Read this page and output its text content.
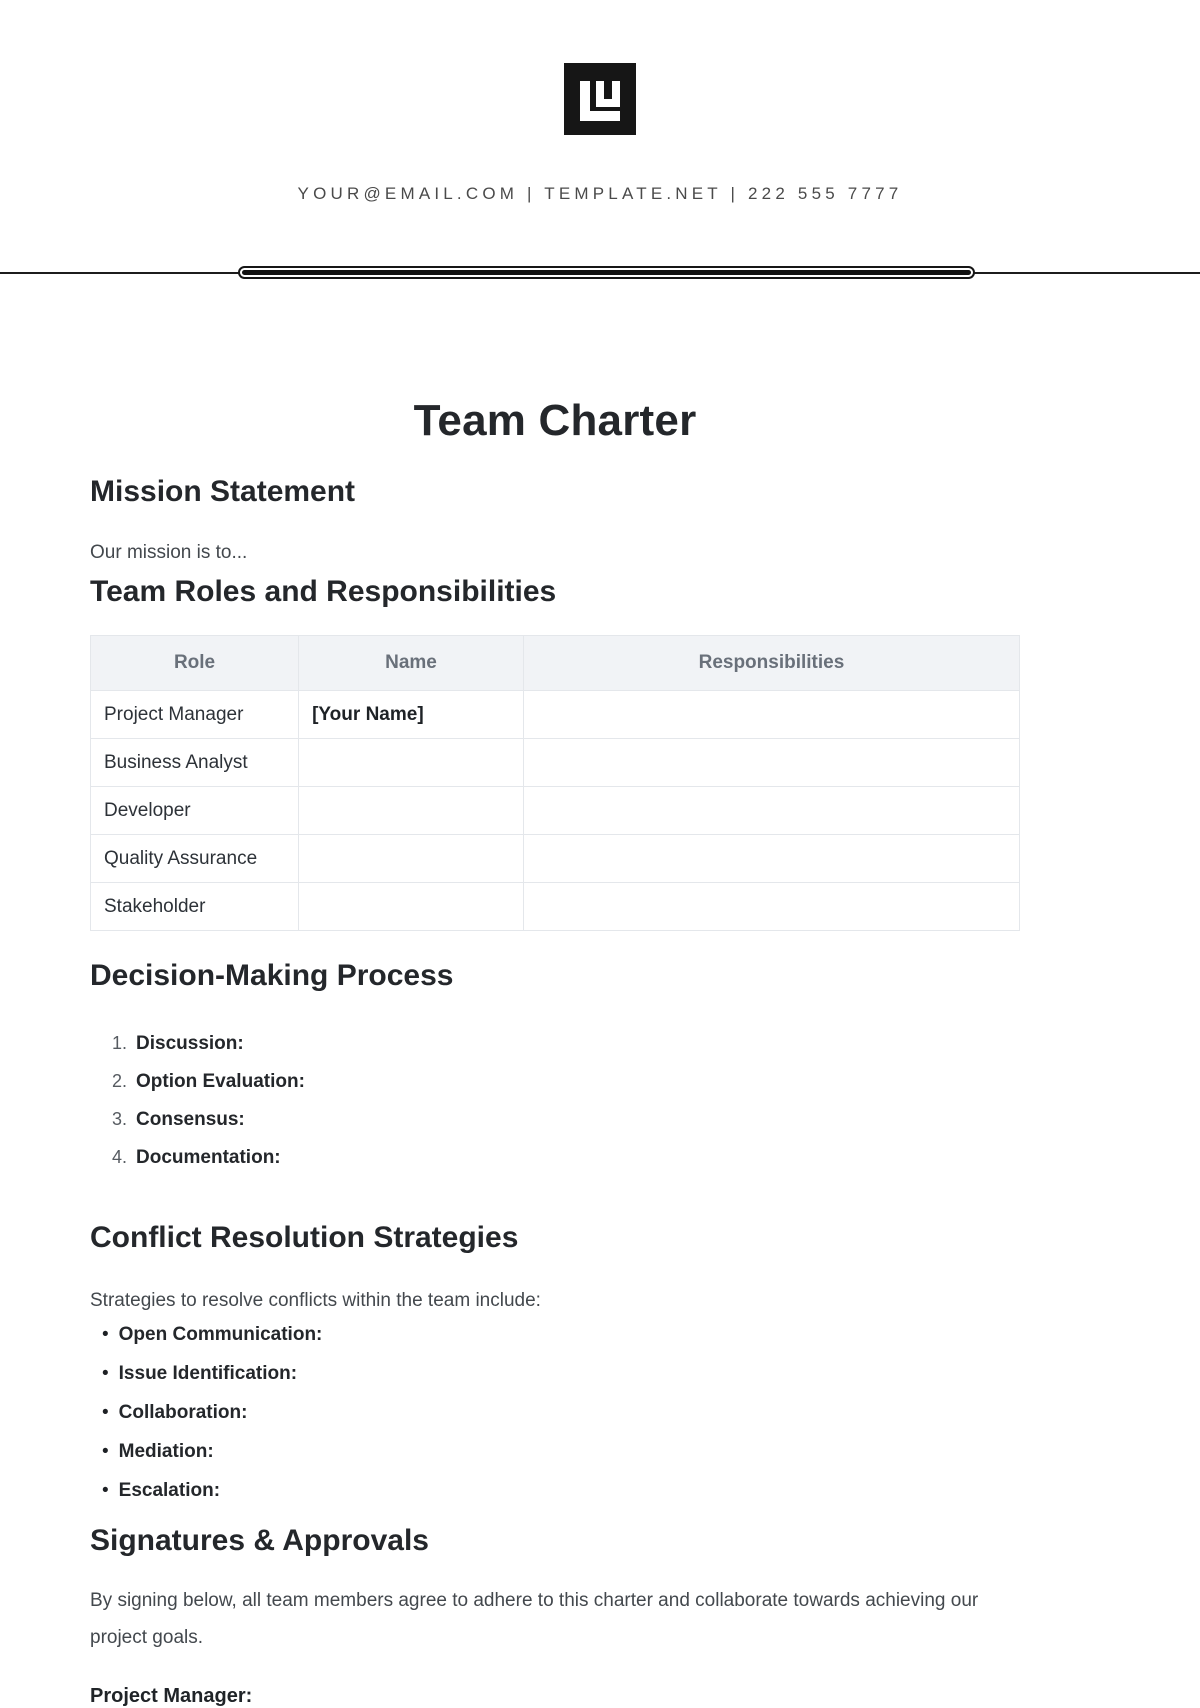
YOUR@EMAIL.COM | TEMPLATE.NET | 222 555 7777
Team Charter
Mission Statement

Our mission is to...

Team Roles and Responsibilities
Role	Name	Responsibilities
Project Manager	[Your Name]	
Business Analyst		
Developer		
Quality Assurance		
Stakeholder		
Decision-Making Process
1. Discussion:
2. Option Evaluation:
3. Consensus:
4. Documentation:
Conflict Resolution Strategies

Strategies to resolve conflicts within the team include:

• Open Communication:
• Issue Identification:
• Collaboration:
• Mediation:
• Escalation:
Signatures & Approvals

By signing below, all team members agree to adhere to this charter and collaborate towards achieving our project goals.

Project Manager:
